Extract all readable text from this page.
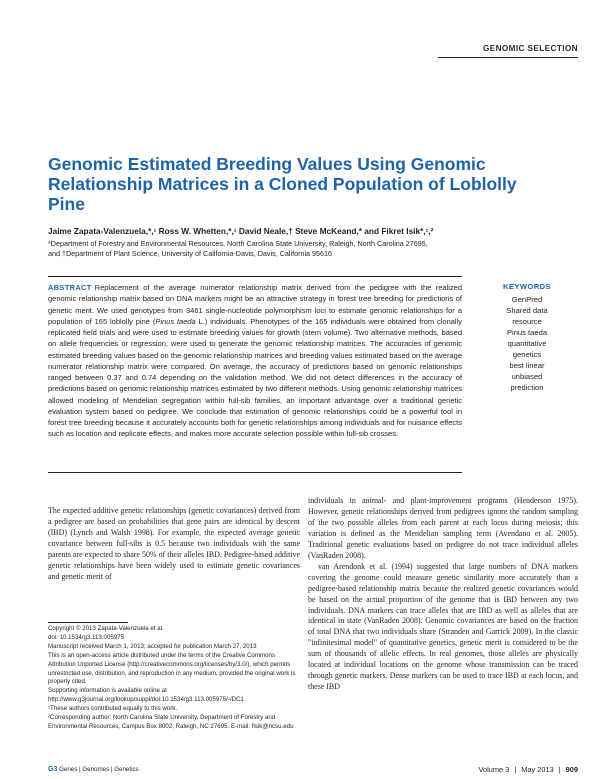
GENOMIC SELECTION
Genomic Estimated Breeding Values Using Genomic Relationship Matrices in a Cloned Population of Loblolly Pine
Jaime Zapata-Valenzuela,*,¹ Ross W. Whetten,*,¹ David Neale,† Steve McKeand,* and Fikret Isik*,¹,²
*Department of Forestry and Environmental Resources, North Carolina State University, Raleigh, North Carolina 27695,
and †Department of Plant Science, University of California-Davis, Davis, California 95616
ABSTRACT Replacement of the average numerator relationship matrix derived from the pedigree with the realized genomic relationship matrix based on DNA markers might be an attractive strategy in forest tree breeding for predictions of genetic merit. We used genotypes from 3461 single-nucleotide polymorphism loci to estimate genomic relationships for a population of 165 loblolly pine (Pinus taeda L.) individuals. Phenotypes of the 165 individuals were obtained from clonally replicated field trials and were used to estimate breeding values for growth (stem volume). Two alternative methods, based on allele frequencies or regression, were used to generate the genomic relationship matrices. The accuracies of genomic estimated breeding values based on the genomic relationship matrices and breeding values estimated based on the average numerator relationship matrix were compared. On average, the accuracy of predictions based on genomic relationships ranged between 0.37 and 0.74 depending on the validation method. We did not detect differences in the accuracy of predictions based on genomic relationship matrices estimated by two different methods. Using genomic relationship matrices allowed modeling of Mendelian segregation within full-sib families, an important advantage over a traditional genetic evaluation system based on pedigree. We conclude that estimation of genomic relationships could be a powerful tool in forest tree breeding because it accurately accounts both for genetic relationships among individuals and for nuisance effects such as location and replicate effects, and makes more accurate selection possible within full-sib crosses.
KEYWORDS
GenPred
Shared data
resource
Pinus taeda
quantitative
genetics
best linear
unbiased
prediction

The expected additive genetic relationships (genetic covariances) derived from a pedigree are based on probabilities that gene pairs are identical by descent (IBD) (Lynch and Walsh 1998). For example, the expected average genetic covariance between full-sibs is 0.5 because two individuals with the same parents are expected to share 50% of their alleles IBD. Pedigree-based additive genetic relationships have been widely used to estimate genetic covariances and genetic merit of

individuals in animal- and plant-improvement programs (Henderson 1975). However, genetic relationships derived from pedigrees ignore the random sampling of the two possible alleles from each parent at each locus during meiosis; this variation is defined as the Mendelian sampling term (Avendano et al. 2005). Traditional genetic evaluations based on pedigree do not trace individual alleles (VanRaden 2008).

van Arendonk et al. (1994) suggested that large numbers of DNA markers covering the genome could measure genetic similarity more accurately than a pedigree-based relationship matrix because the realized genetic covariances would be based on the actual proportion of the genome that is IBD between any two individuals. DNA markers can trace alleles that are IBD as well as alleles that are identical in state (VanRaden 2008). Genomic covariances are based on the fraction of total DNA that two individuals share (Stranden and Garrick 2009). In the classic "infinitesimal model" of quantitative genetics, genetic merit is considered to be the sum of thousands of allelic effects. In real genomes, those alleles are physically located at individual locations on the genome whose transmission can be traced through genetic markers. Dense markers can be used to trace IBD at each locus, and these IBD

Copyright © 2013 Zapata-Valenzuela et al.

doi: 10.1534/g3.113.005975

Manuscript received March 1, 2013; accepted for publication March 27, 2013

This is an open-access article distributed under the terms of the Creative Commons Attribution Unported License (http://creativecommons.org/licenses/by/3.0/), which permits unrestricted use, distribution, and reproduction in any medium, provided the original work is properly cited.

Supporting information is available online at http://www.g3journal.org/lookup/suppl/doi:10.1534/g3.113.005975/-/DC1

¹These authors contributed equally to this work.

²Corresponding author: North Carolina State University, Department of Forestry and Environmental Resources, Campus Box 8002, Raleigh, NC 27695. E-mail: fisik@ncsu.edu

G3 Genes | Genomes | Genetics	Volume 3 | May 2013 | 909
